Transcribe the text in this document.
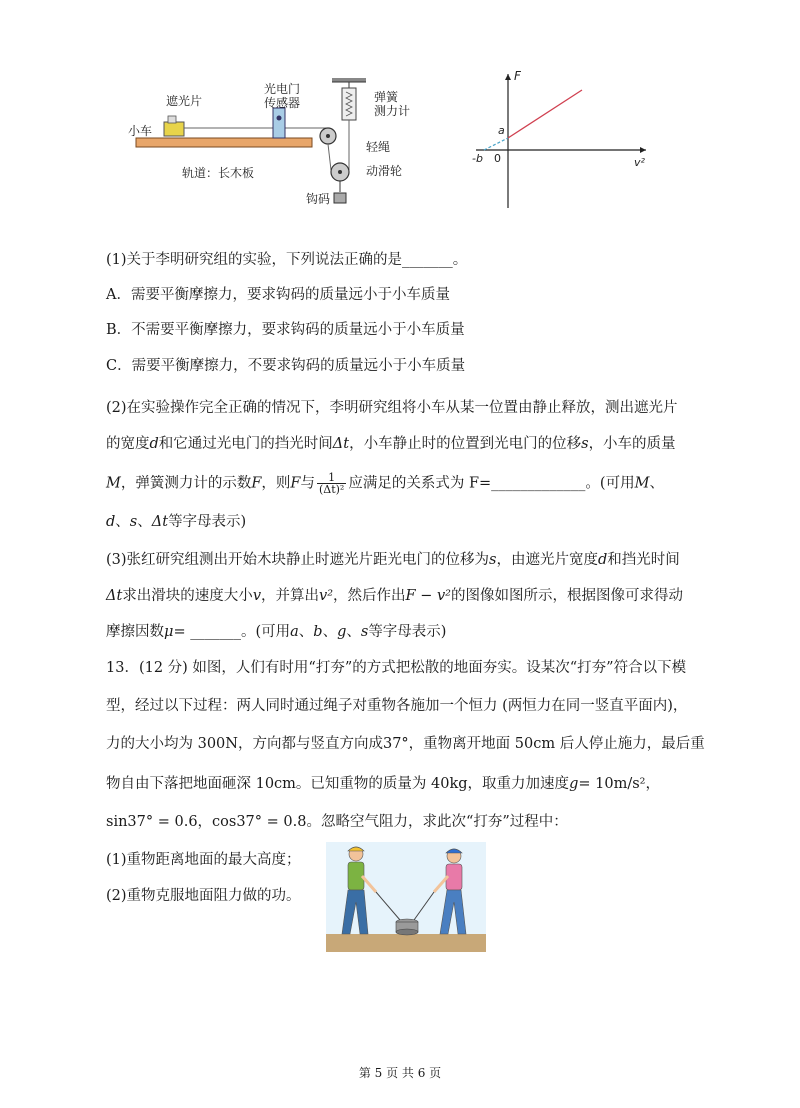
遮光片
光电门
传感器	弹簧
测力计
轻绳
动滑轮
小车
轨道：长木板
钩码
F
v²
0
a
-b
(1)关于李明研究组的实验，下列说法正确的是_______。
A．需要平衡摩擦力，要求钩码的质量远小于小车质量
B．不需要平衡摩擦力，要求钩码的质量远小于小车质量
C．需要平衡摩擦力，不要求钩码的质量远小于小车质量
(2)在实验操作完全正确的情况下，李明研究组将小车从某一位置由静止释放，测出遮光片
的宽度d和它通过光电门的挡光时间Δt，小车静止时的位置到光电门的位移s，小车的质量
M，弹簧测力计的示数F，则F与 $\frac{1}{\text{(Δt)²}}$ 应满足的关系式为 F=_____________。(可用M、
d、s、Δt等字母表示)
(3)张红研究组测出开始木块静止时遮光片距光电门的位移为s，由遮光片宽度d和挡光时间
Δt求出滑块的速度大小v，并算出v²，然后作出F − v²的图像如图所示，根据图像可求得动
摩擦因数μ= _______。(可用a、b、g、s等字母表示)
13．(12 分) 如图，人们有时用“打夯”的方式把松散的地面夯实。设某次“打夯”符合以下模
型，经过以下过程：两人同时通过绳子对重物各施加一个恒力 (两恒力在同一竖直平面内)，
力的大小均为 300N，方向都与竖直方向成37°，重物离开地面 50cm 后人停止施力，最后重
物自由下落把地面砸深 10cm。已知重物的质量为 40kg，取重力加速度g= 10m/s²，
sin37° = 0.6，cos37° = 0.8。忽略空气阻力，求此次“打夯”过程中：
(1)重物距离地面的最大高度；
(2)重物克服地面阻力做的功。
第 5 页 共 6 页
